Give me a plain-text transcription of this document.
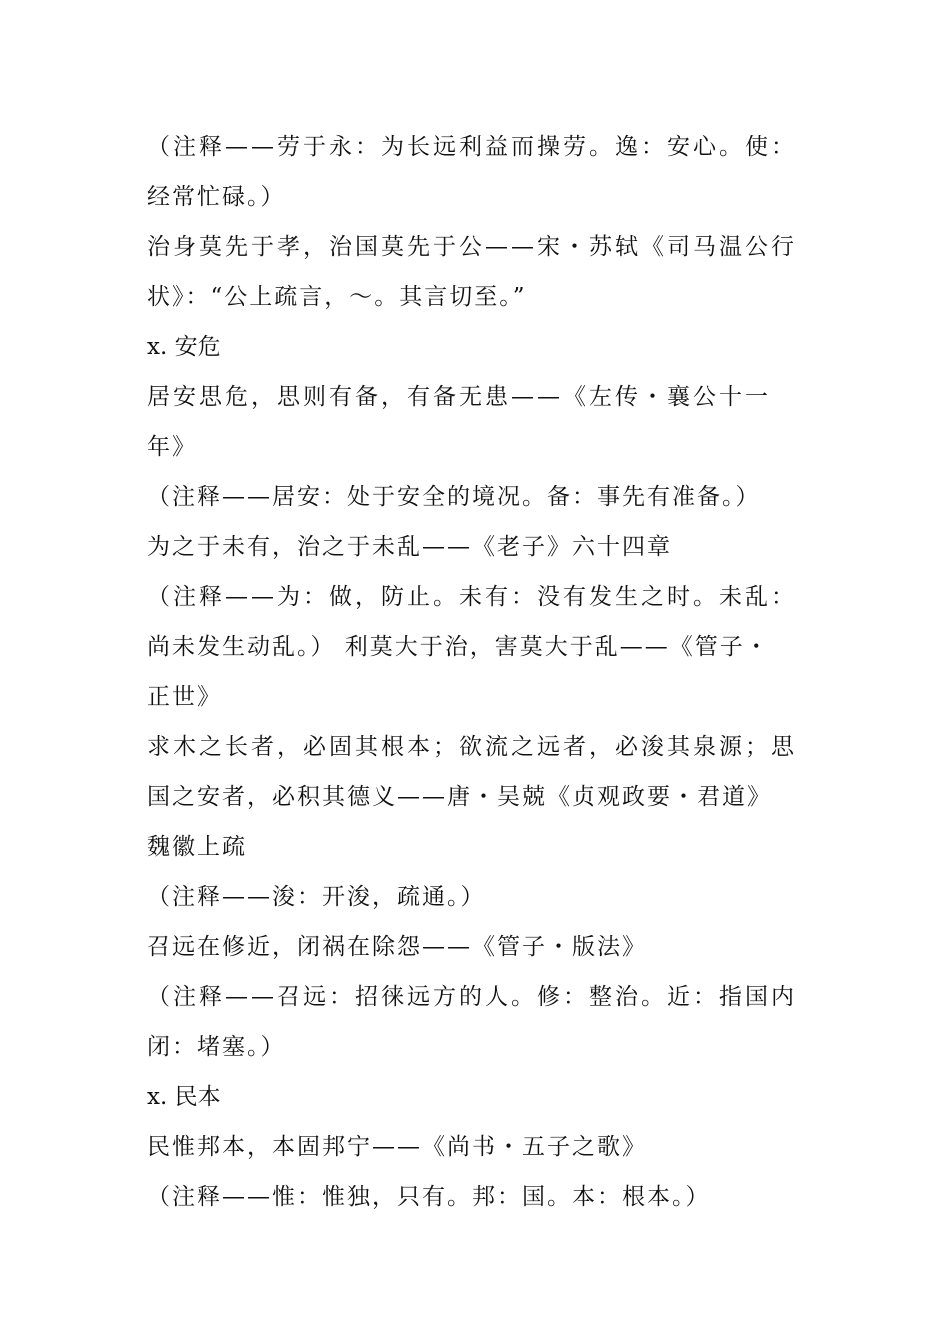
（注释——劳于永：为长远利益而操劳。逸：安心。使：
经常忙碌。）
治身莫先于孝，治国莫先于公——宋・苏轼《司马温公行
状》：“公上疏言，～。其言切至。”
x. 安危
居安思危，思则有备，有备无患——《左传・襄公十一
年》
（注释——居安：处于安全的境况。备：事先有准备。）
为之于未有，治之于未乱——《老子》六十四章
（注释——为：做，防止。未有：没有发生之时。未乱：
尚未发生动乱。） 利莫大于治，害莫大于乱——《管子・
正世》
求木之长者，必固其根本；欲流之远者，必浚其泉源；思
国之安者，必积其德义——唐・吴兢《贞观政要・君道》
魏徽上疏
（注释——浚：开浚，疏通。）
召远在修近，闭祸在除怨——《管子・版法》
（注释——召远：招徕远方的人。修：整治。近：指国内
闭：堵塞。）
x. 民本
民惟邦本，本固邦宁——《尚书・五子之歌》
（注释——惟：惟独，只有。邦：国。本：根本。）
